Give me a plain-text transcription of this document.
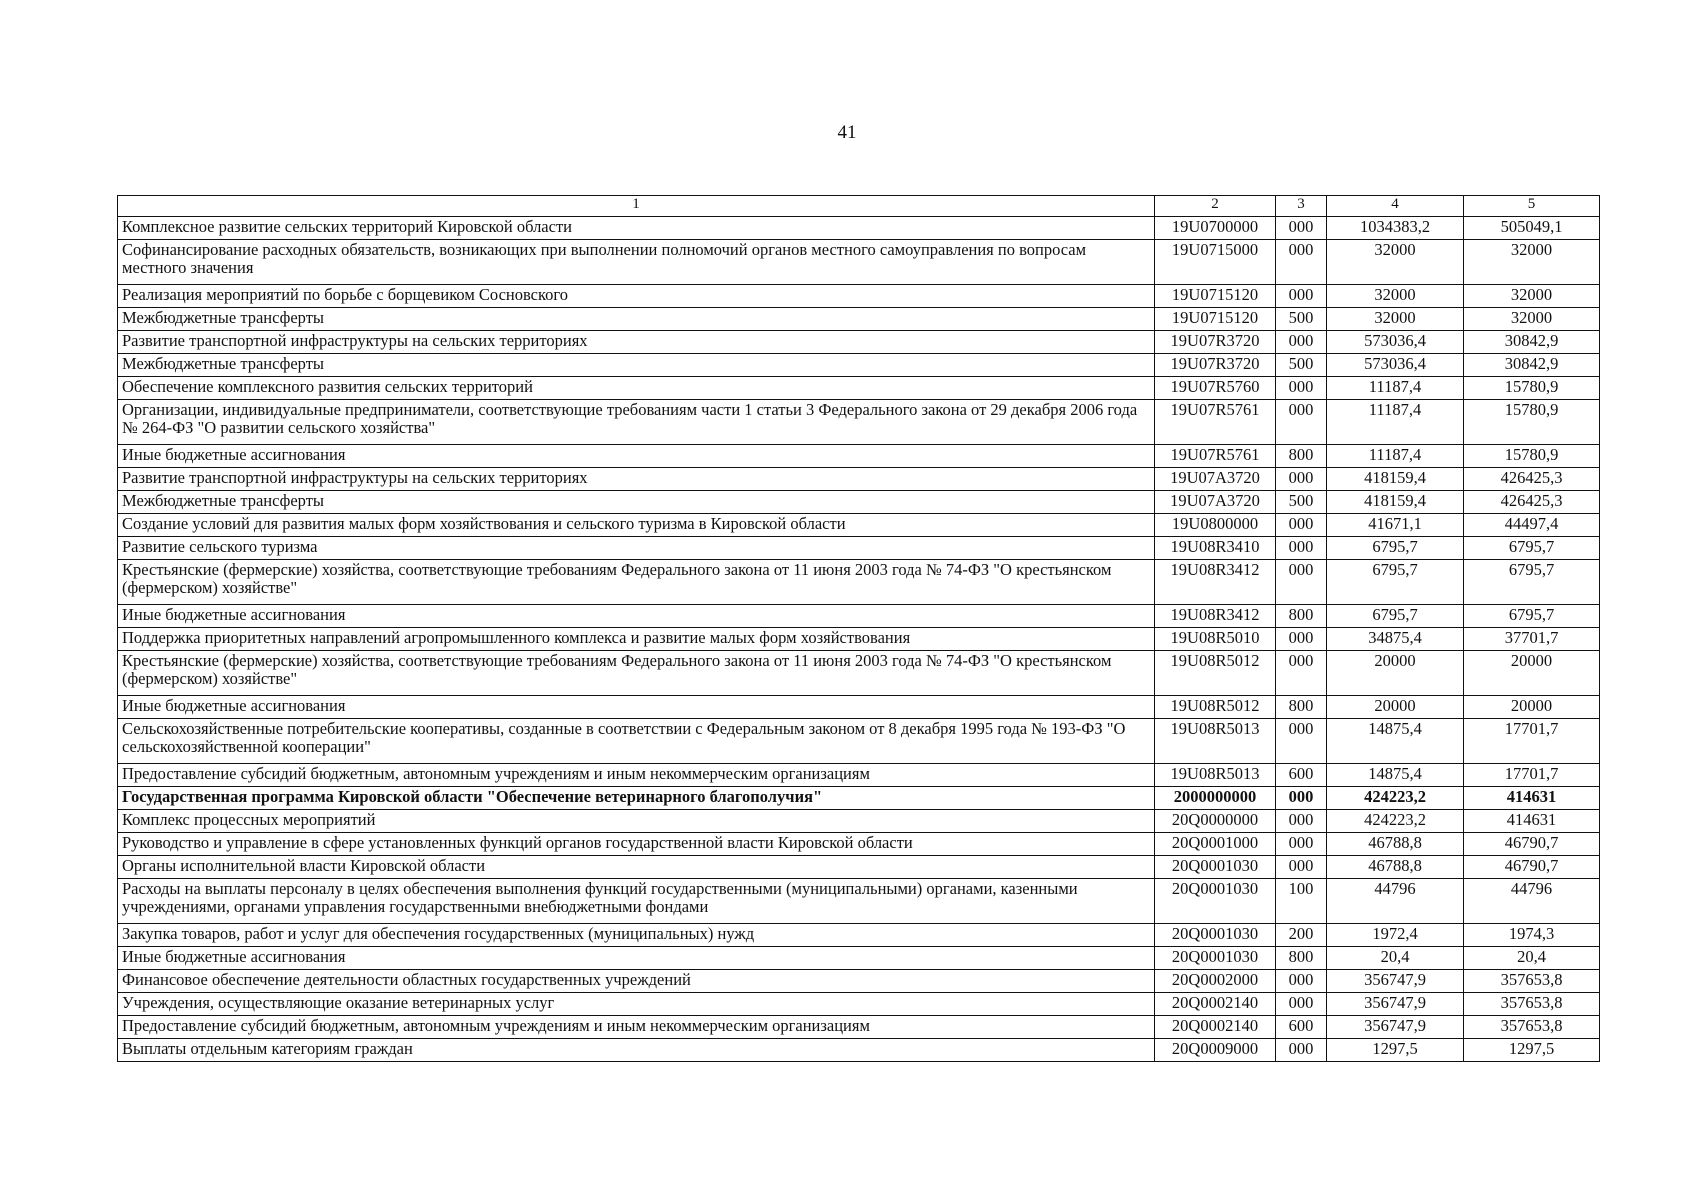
41
1	2	3	4	5
Комплексное развитие сельских территорий Кировской области	19U0700000	000	1034383,2	505049,1
Софинансирование расходных обязательств, возникающих при выполнении полномочий органов местного самоуправления по вопросам местного значения	19U0715000	000	32000	32000
Реализация мероприятий по борьбе с борщевиком Сосновского	19U0715120	000	32000	32000
Межбюджетные трансферты	19U0715120	500	32000	32000
Развитие транспортной инфраструктуры на сельских территориях	19U07R3720	000	573036,4	30842,9
Межбюджетные трансферты	19U07R3720	500	573036,4	30842,9
Обеспечение комплексного развития сельских территорий	19U07R5760	000	11187,4	15780,9
Организации, индивидуальные предприниматели, соответствующие требованиям части 1 статьи 3 Федерального закона от 29 декабря 2006 года № 264-ФЗ "О развитии сельского хозяйства"	19U07R5761	000	11187,4	15780,9
Иные бюджетные ассигнования	19U07R5761	800	11187,4	15780,9
Развитие транспортной инфраструктуры на сельских территориях	19U07A3720	000	418159,4	426425,3
Межбюджетные трансферты	19U07A3720	500	418159,4	426425,3
Создание условий для развития малых форм хозяйствования и сельского туризма в Кировской области	19U0800000	000	41671,1	44497,4
Развитие сельского туризма	19U08R3410	000	6795,7	6795,7
Крестьянские (фермерские) хозяйства, соответствующие требованиям Федерального закона от 11 июня 2003 года № 74-ФЗ "О крестьянском (фермерском) хозяйстве"	19U08R3412	000	6795,7	6795,7
Иные бюджетные ассигнования	19U08R3412	800	6795,7	6795,7
Поддержка приоритетных направлений агропромышленного комплекса и развитие малых форм хозяйствования	19U08R5010	000	34875,4	37701,7
Крестьянские (фермерские) хозяйства, соответствующие требованиям Федерального закона от 11 июня 2003 года № 74-ФЗ "О крестьянском (фермерском) хозяйстве"	19U08R5012	000	20000	20000
Иные бюджетные ассигнования	19U08R5012	800	20000	20000
Сельскохозяйственные потребительские кооперативы, созданные в соответствии с Федеральным законом от 8 декабря 1995 года № 193-ФЗ "О сельскохозяйственной кооперации"	19U08R5013	000	14875,4	17701,7
Предоставление субсидий бюджетным, автономным учреждениям и иным некоммерческим организациям	19U08R5013	600	14875,4	17701,7
Государственная программа Кировской области "Обеспечение ветеринарного благополучия"	2000000000	000	424223,2	414631
Комплекс процессных мероприятий	20Q0000000	000	424223,2	414631
Руководство и управление в сфере установленных функций органов государственной власти Кировской области	20Q0001000	000	46788,8	46790,7
Органы исполнительной власти Кировской области	20Q0001030	000	46788,8	46790,7
Расходы на выплаты персоналу в целях обеспечения выполнения функций государственными (муниципальными) органами, казенными учреждениями, органами управления государственными внебюджетными фондами	20Q0001030	100	44796	44796
Закупка товаров, работ и услуг для обеспечения государственных (муниципальных) нужд	20Q0001030	200	1972,4	1974,3
Иные бюджетные ассигнования	20Q0001030	800	20,4	20,4
Финансовое обеспечение деятельности областных государственных учреждений	20Q0002000	000	356747,9	357653,8
Учреждения, осуществляющие оказание ветеринарных услуг	20Q0002140	000	356747,9	357653,8
Предоставление субсидий бюджетным, автономным учреждениям и иным некоммерческим организациям	20Q0002140	600	356747,9	357653,8
Выплаты отдельным категориям граждан	20Q0009000	000	1297,5	1297,5
